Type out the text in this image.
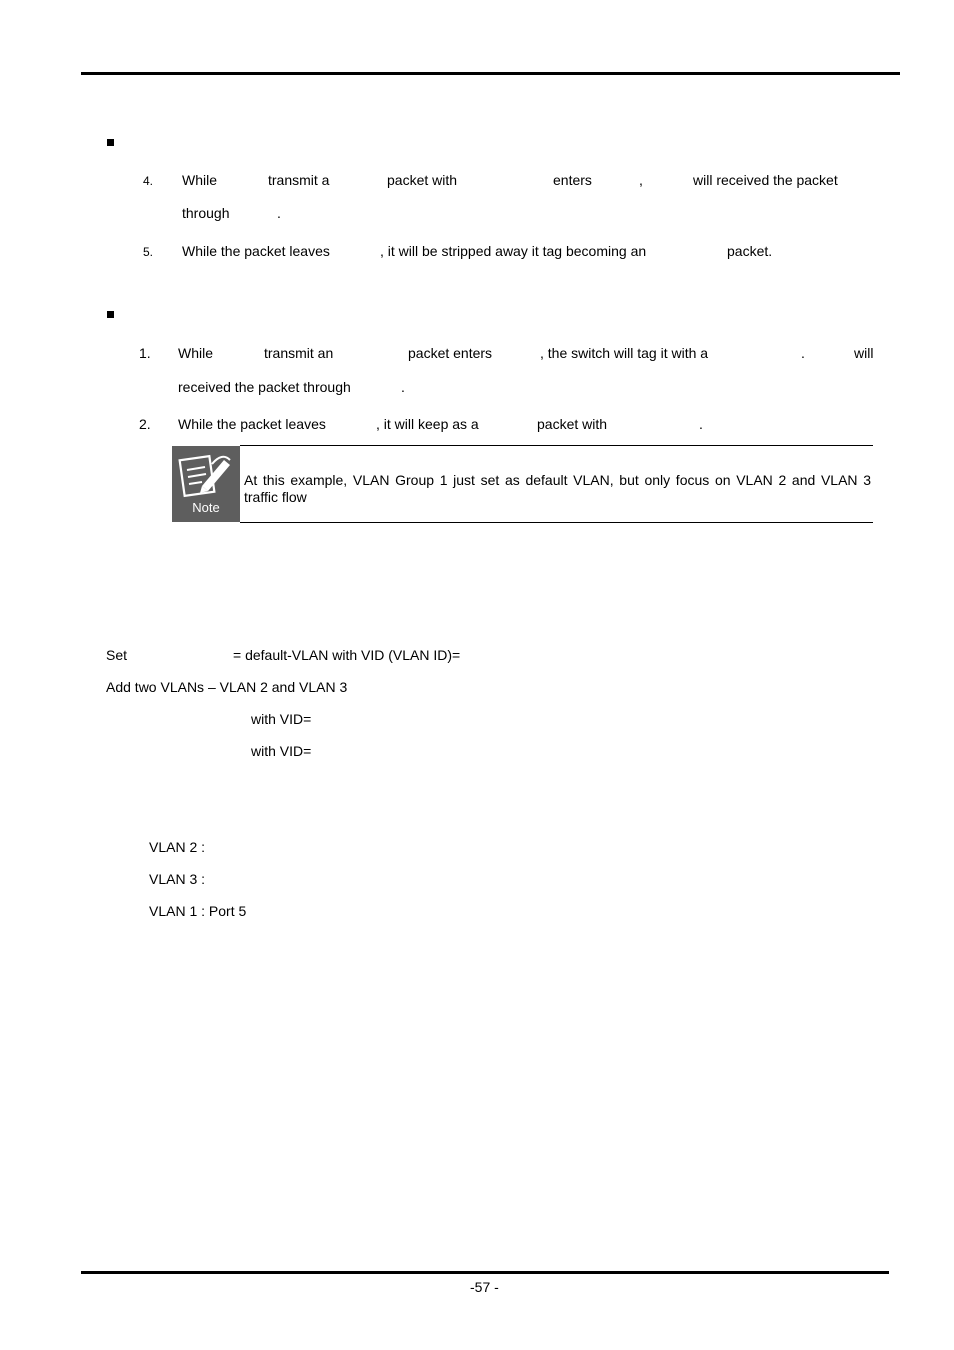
4. While	transmit a	packet with	enters	,	will received the packet
through	.
5. While the packet leaves	, it will be stripped away it tag becoming an	packet.
1. While	transmit an	packet enters	, the switch will tag it with a	.	will
received the packet through	.
2. While the packet leaves	, it will keep as a	packet with	.
Note
At this example, VLAN Group 1 just set as default VLAN, but only focus on VLAN 2 and VLAN 3 traffic flow
Set	= default-VLAN with VID (VLAN ID)=
Add two VLANs – VLAN 2 and VLAN 3
with VID=
with VID=
VLAN 2 :
VLAN 3 :
VLAN 1 : Port 5
-57 -
